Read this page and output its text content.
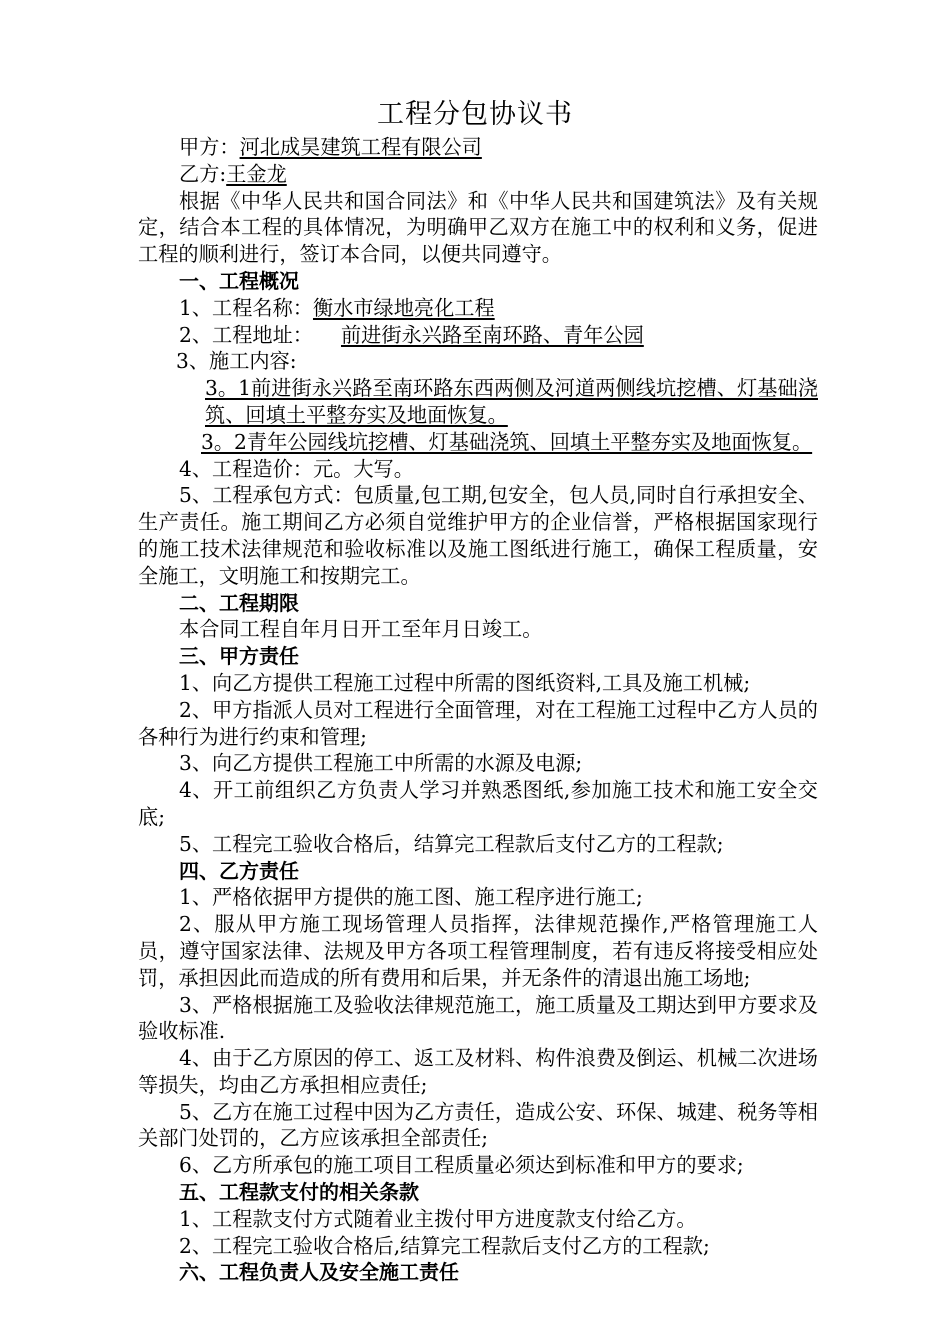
工程分包协议书

甲方：河北成昊建筑工程有限公司

乙方:王金龙

根据《中华人民共和国合同法》和《中华人民共和国建筑法》及有关规定，结合本工程的具体情况，为明确甲乙双方在施工中的权利和义务，促进工程的顺利进行，签订本合同，以便共同遵守。

一、工程概况

1、工程名称：衡水市绿地亮化工程

2、工程地址： 前进街永兴路至南环路、青年公园

3、施工内容:

3。1前进街永兴路至南环路东西两侧及河道两侧线坑挖槽、灯基础浇筑、回填土平整夯实及地面恢复。

3。2青年公园线坑挖槽、灯基础浇筑、回填土平整夯实及地面恢复。

4、工程造价：元。大写。

5、工程承包方式：包质量,包工期,包安全，包人员,同时自行承担安全、生产责任。施工期间乙方必须自觉维护甲方的企业信誉，严格根据国家现行的施工技术法律规范和验收标准以及施工图纸进行施工，确保工程质量，安全施工，文明施工和按期完工。

二、工程期限

本合同工程自年月日开工至年月日竣工。

三、甲方责任

1、向乙方提供工程施工过程中所需的图纸资料,工具及施工机械;

2、甲方指派人员对工程进行全面管理，对在工程施工过程中乙方人员的各种行为进行约束和管理;

3、向乙方提供工程施工中所需的水源及电源;

4、开工前组织乙方负责人学习并熟悉图纸,参加施工技术和施工安全交底;

5、工程完工验收合格后，结算完工程款后支付乙方的工程款;

四、乙方责任

1、严格依据甲方提供的施工图、施工程序进行施工;

2、服从甲方施工现场管理人员指挥，法律规范操作,严格管理施工人员，遵守国家法律、法规及甲方各项工程管理制度，若有违反将接受相应处罚，承担因此而造成的所有费用和后果，并无条件的清退出施工场地;

3、严格根据施工及验收法律规范施工，施工质量及工期达到甲方要求及验收标准.

4、由于乙方原因的停工、返工及材料、构件浪费及倒运、机械二次进场等损失，均由乙方承担相应责任;

5、乙方在施工过程中因为乙方责任，造成公安、环保、城建、税务等相关部门处罚的，乙方应该承担全部责任;

6、乙方所承包的施工项目工程质量必须达到标准和甲方的要求;

五、工程款支付的相关条款

1、工程款支付方式随着业主拨付甲方进度款支付给乙方。

2、工程完工验收合格后,结算完工程款后支付乙方的工程款;

六、工程负责人及安全施工责任
